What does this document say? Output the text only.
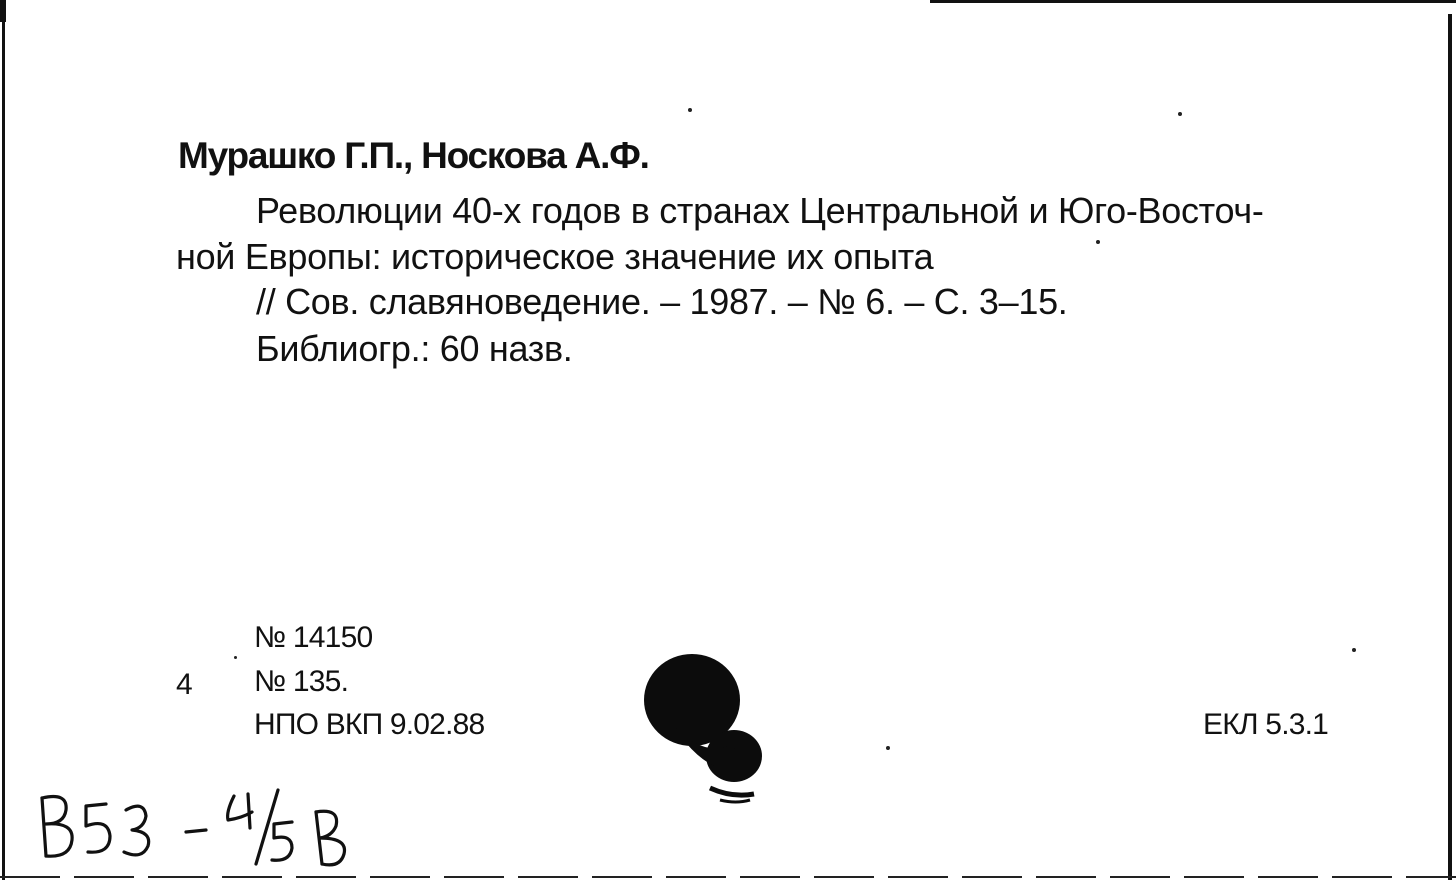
Мурашко Г.П., Носкова А.Ф.
Революции 40-х годов в странах Центральной и Юго-Восточ-
ной Европы: историческое значение их опыта
// Сов. славяноведение. – 1987. – № 6. – С. 3–15.
Библиогр.: 60 назв.
№ 14150
4 № 135.
НПО ВКП 9.02.88	ЕКЛ 5.3.1
